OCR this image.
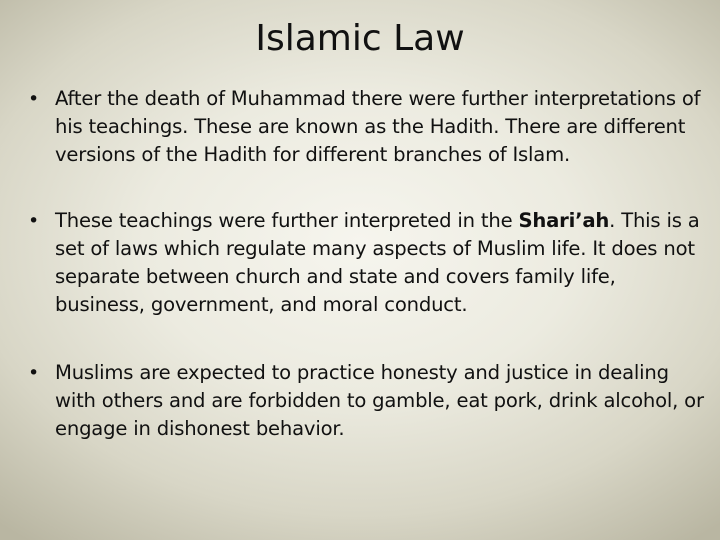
Islamic Law
• After the death of Muhammad there were further interpretations of his teachings. These are known as the Hadith. There are different versions of the Hadith for different branches of Islam.
• These teachings were further interpreted in the Shari’ah. This is a set of laws which regulate many aspects of Muslim life. It does not separate between church and state and covers family life, business, government, and moral conduct.
• Muslims are expected to practice honesty and justice in dealing with others and are forbidden to gamble, eat pork, drink alcohol, or engage in dishonest behavior.
